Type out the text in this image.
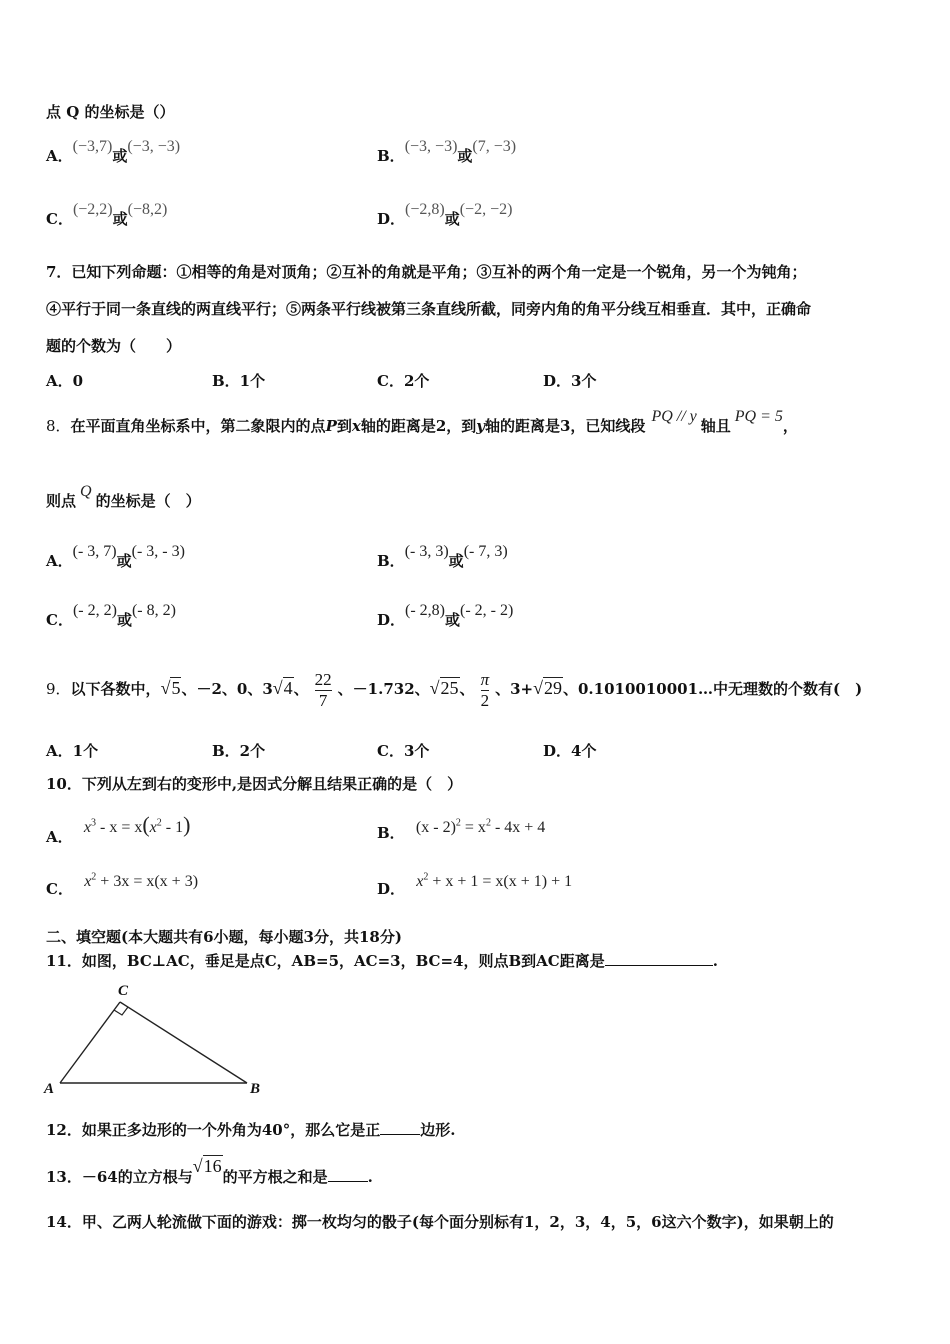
点 Q 的坐标是（）
A．(−3,7)或(−3, −3)
B．(−3, −3)或(7, −3)
C．(−2,2)或(−8,2)
D．(−2,8)或(−2, −2)
7．已知下列命题：①相等的角是对顶角；②互补的角就是平角；③互补的两个角一定是一个锐角，另一个为钝角；
④平行于同一条直线的两直线平行；⑤两条平行线被第三条直线所截，同旁内角的角平分线互相垂直．其中，正确命
题的个数为（　　）
A．0	B．1个	C．2个	D．3个
8．在平面直角坐标系中，第二象限内的点P到x轴的距离是2，到y轴的距离是3，已知线段PQ // y轴且PQ = 5，
则点Q的坐标是（　）
A．(- 3, 7)或(- 3, - 3)
B．(- 3, 3)或(- 7, 3)
C．(- 2, 2)或(- 8, 2)
D．(- 2,8)或(- 2, - 2)
9．以下各数中，√5、－2、0、3√4、 $\frac{22}{7}$ 、－1.732、√25、 $\frac{\pi}{2}$ 、3+√29、0.1010010001…中无理数的个数有(　)
A．1个	B．2个	C．3个	D．4个
10．下列从左到右的变形中,是因式分解且结果正确的是（　）
A． $x^3 - x = x(x^2 - 1)$	B． $(x - 2)^2 = x^2 - 4x + 4$
C． $x^2 + 3x = x(x + 3)$	D． $x^2 + x + 1 = x(x + 1) + 1$
二、填空题(本大题共有6小题，每小题3分，共18分)
11．如图，BC⊥AC，垂足是点C，AB=5，AC=3，BC=4，则点B到AC距离是	.
C
A	B
12．如果正多边形的一个外角为40°，那么它是正	边形.
13．－64的立方根与√16的平方根之和是	.
14．甲、乙两人轮流做下面的游戏：掷一枚均匀的骰子(每个面分别标有1，2，3，4，5，6这六个数字)，如果朝上的
